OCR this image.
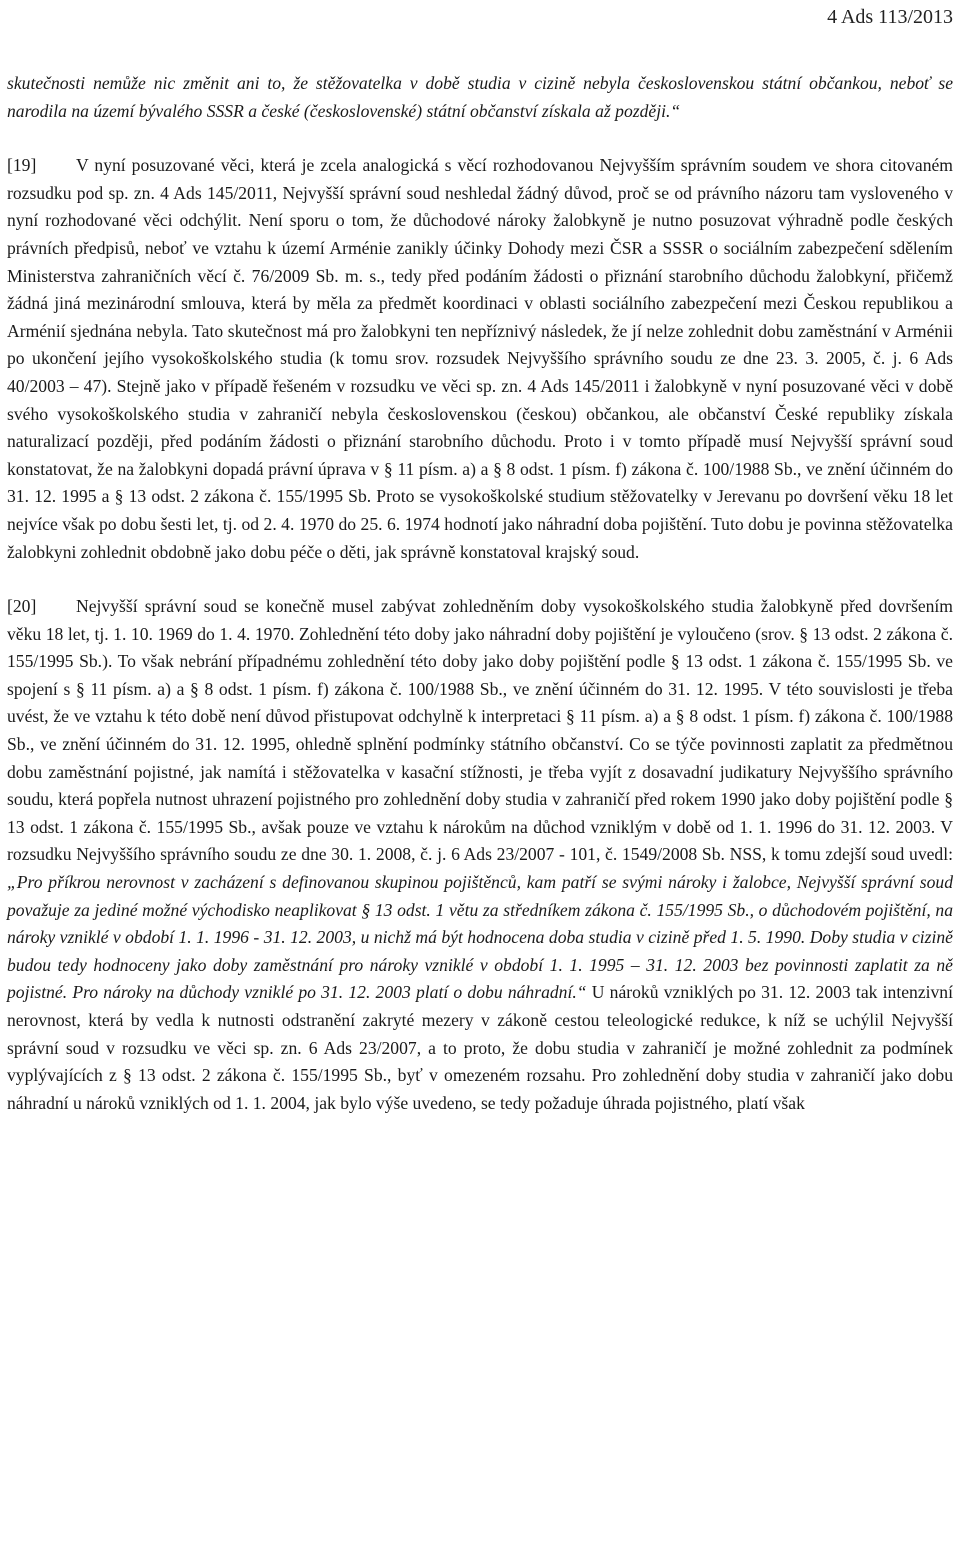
4 Ads 113/2013

skutečnosti nemůže nic změnit ani to, že stěžovatelka v době studia v cizině nebyla československou státní občankou, neboť se narodila na území bývalého SSSR a české (československé) státní občanství získala až později.“

[19] V nyní posuzované věci, která je zcela analogická s věcí rozhodovanou Nejvyšším správním soudem ve shora citovaném rozsudku pod sp. zn. 4 Ads 145/2011, Nejvyšší správní soud neshledal žádný důvod, proč se od právního názoru tam vysloveného v nyní rozhodované věci odchýlit. Není sporu o tom, že důchodové nároky žalobkyně je nutno posuzovat výhradně podle českých právních předpisů, neboť ve vztahu k území Arménie zanikly účinky Dohody mezi ČSR a SSSR o sociálním zabezpečení sdělením Ministerstva zahraničních věcí č. 76/2009 Sb. m. s., tedy před podáním žádosti o přiznání starobního důchodu žalobkyní, přičemž žádná jiná mezinárodní smlouva, která by měla za předmět koordinaci v oblasti sociálního zabezpečení mezi Českou republikou a Arménií sjednána nebyla. Tato skutečnost má pro žalobkyni ten nepříznivý následek, že jí nelze zohlednit dobu zaměstnání v Arménii po ukončení jejího vysokoškolského studia (k tomu srov. rozsudek Nejvyššího správního soudu ze dne 23. 3. 2005, č. j. 6 Ads 40/2003 – 47). Stejně jako v případě řešeném v rozsudku ve věci sp. zn. 4 Ads 145/2011 i žalobkyně v nyní posuzované věci v době svého vysokoškolského studia v zahraničí nebyla československou (českou) občankou, ale občanství České republiky získala naturalizací později, před podáním žádosti o přiznání starobního důchodu. Proto i v tomto případě musí Nejvyšší správní soud konstatovat, že na žalobkyni dopadá právní úprava v § 11 písm. a) a § 8 odst. 1 písm. f) zákona č. 100/1988 Sb., ve znění účinném do 31. 12. 1995 a § 13 odst. 2 zákona č. 155/1995 Sb. Proto se vysokoškolské studium stěžovatelky v Jerevanu po dovršení věku 18 let nejvíce však po dobu šesti let, tj. od 2. 4. 1970 do 25. 6. 1974 hodnotí jako náhradní doba pojištění. Tuto dobu je povinna stěžovatelka žalobkyni zohlednit obdobně jako dobu péče o děti, jak správně konstatoval krajský soud.

[20] Nejvyšší správní soud se konečně musel zabývat zohledněním doby vysokoškolského studia žalobkyně před dovršením věku 18 let, tj. 1. 10. 1969 do 1. 4. 1970. Zohlednění této doby jako náhradní doby pojištění je vyloučeno (srov. § 13 odst. 2 zákona č. 155/1995 Sb.). To však nebrání případnému zohlednění této doby jako doby pojištění podle § 13 odst. 1 zákona č. 155/1995 Sb. ve spojení s § 11 písm. a) a § 8 odst. 1 písm. f) zákona č. 100/1988 Sb., ve znění účinném do 31. 12. 1995. V této souvislosti je třeba uvést, že ve vztahu k této době není důvod přistupovat odchylně k interpretaci § 11 písm. a) a § 8 odst. 1 písm. f) zákona č. 100/1988 Sb., ve znění účinném do 31. 12. 1995, ohledně splnění podmínky státního občanství. Co se týče povinnosti zaplatit za předmětnou dobu zaměstnání pojistné, jak namítá i stěžovatelka v kasační stížnosti, je třeba vyjít z dosavadní judikatury Nejvyššího správního soudu, která popřela nutnost uhrazení pojistného pro zohlednění doby studia v zahraničí před rokem 1990 jako doby pojištění podle § 13 odst. 1 zákona č. 155/1995 Sb., avšak pouze ve vztahu k nárokům na důchod vzniklým v době od 1. 1. 1996 do 31. 12. 2003. V rozsudku Nejvyššího správního soudu ze dne 30. 1. 2008, č. j. 6 Ads 23/2007 - 101, č. 1549/2008 Sb. NSS, k tomu zdejší soud uvedl: „Pro příkrou nerovnost v zacházení s definovanou skupinou pojištěnců, kam patří se svými nároky i žalobce, Nejvyšší správní soud považuje za jediné možné východisko neaplikovat § 13 odst. 1 větu za středníkem zákona č. 155/1995 Sb., o důchodovém pojištění, na nároky vzniklé v období 1. 1. 1996 - 31. 12. 2003, u nichž má být hodnocena doba studia v cizině před 1. 5. 1990. Doby studia v cizině budou tedy hodnoceny jako doby zaměstnání pro nároky vzniklé v období 1. 1. 1995 – 31. 12. 2003 bez povinnosti zaplatit za ně pojistné. Pro nároky na důchody vzniklé po 31. 12. 2003 platí o dobu náhradní.“ U nároků vzniklých po 31. 12. 2003 tak intenzivní nerovnost, která by vedla k nutnosti odstranění zakryté mezery v zákoně cestou teleologické redukce, k níž se uchýlil Nejvyšší správní soud v rozsudku ve věci sp. zn. 6 Ads 23/2007, a to proto, že dobu studia v zahraničí je možné zohlednit za podmínek vyplývajících z § 13 odst. 2 zákona č. 155/1995 Sb., byť v omezeném rozsahu. Pro zohlednění doby studia v zahraničí jako dobu náhradní u nároků vzniklých od 1. 1. 2004, jak bylo výše uvedeno, se tedy požaduje úhrada pojistného, platí však
